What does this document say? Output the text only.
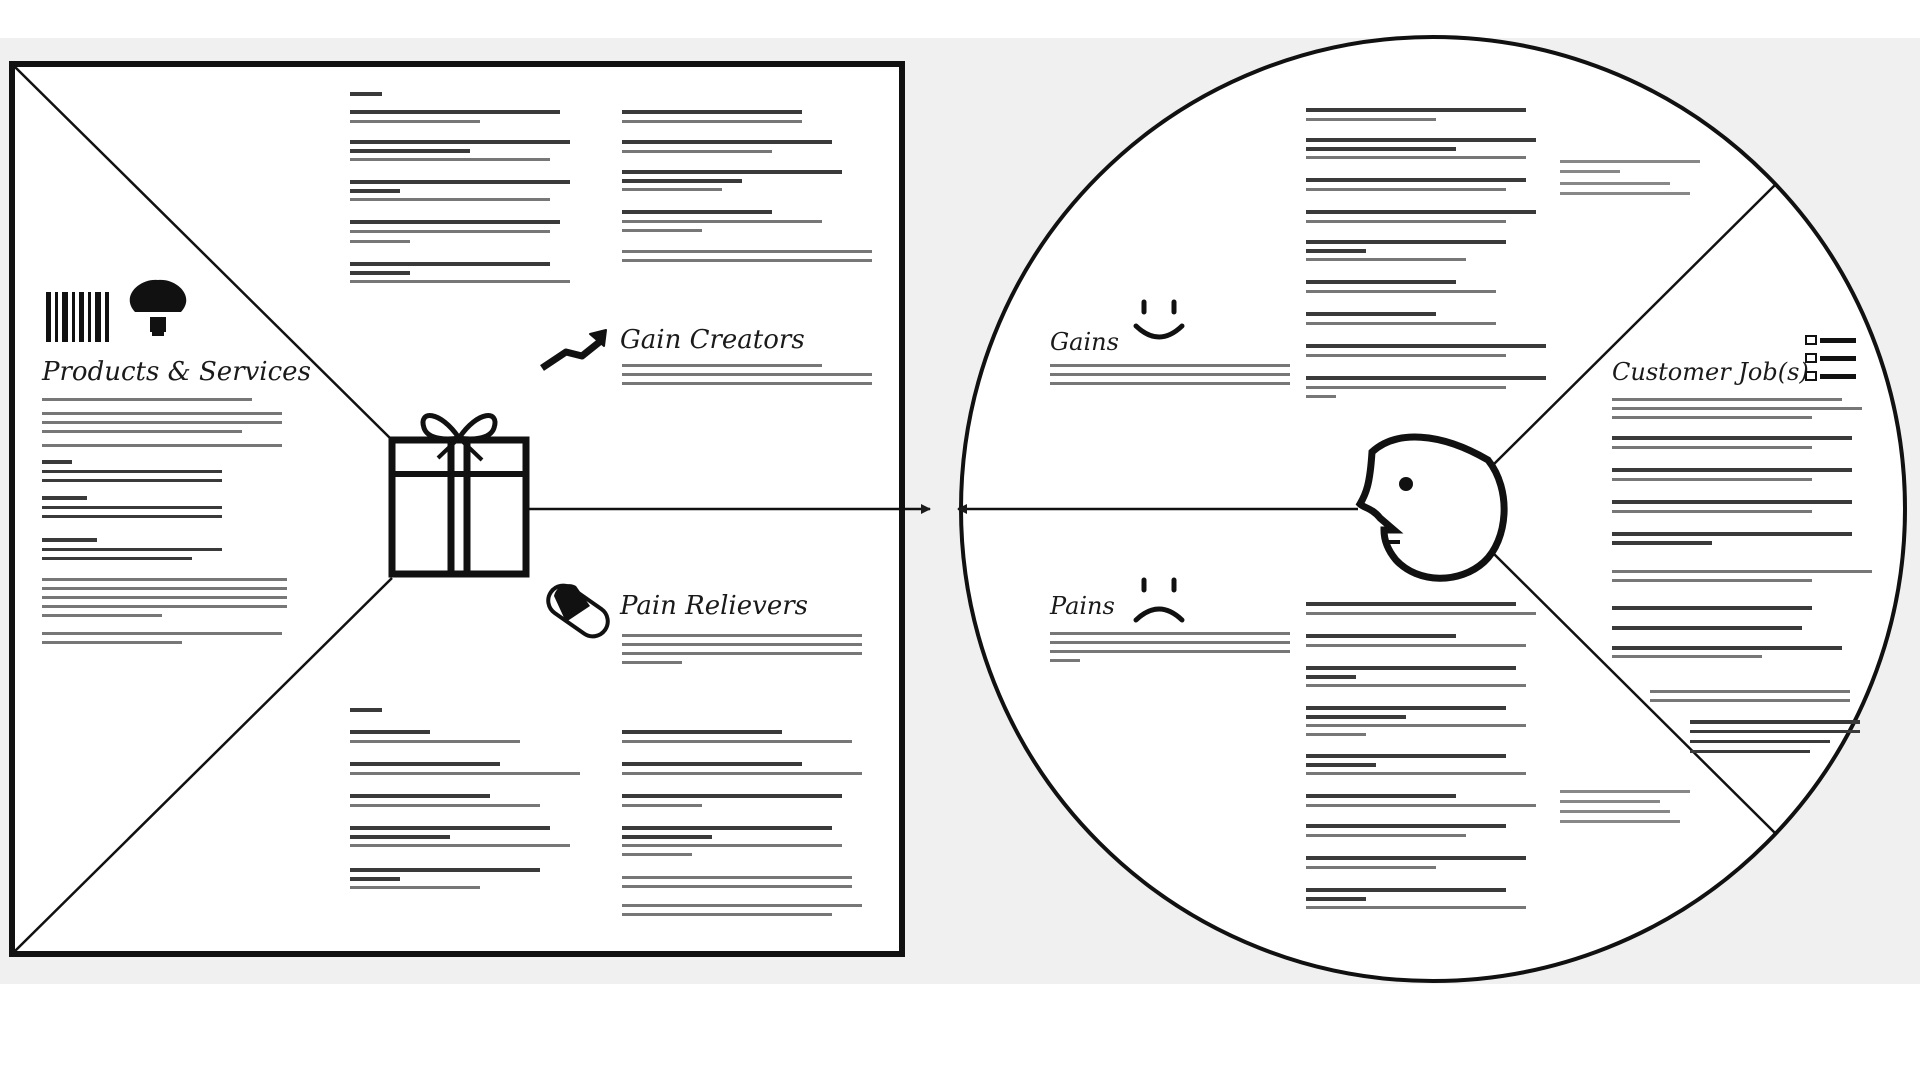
Products & Services
Gain Creators
Pain Relievers
Gains
Pains
Customer Job(s)
